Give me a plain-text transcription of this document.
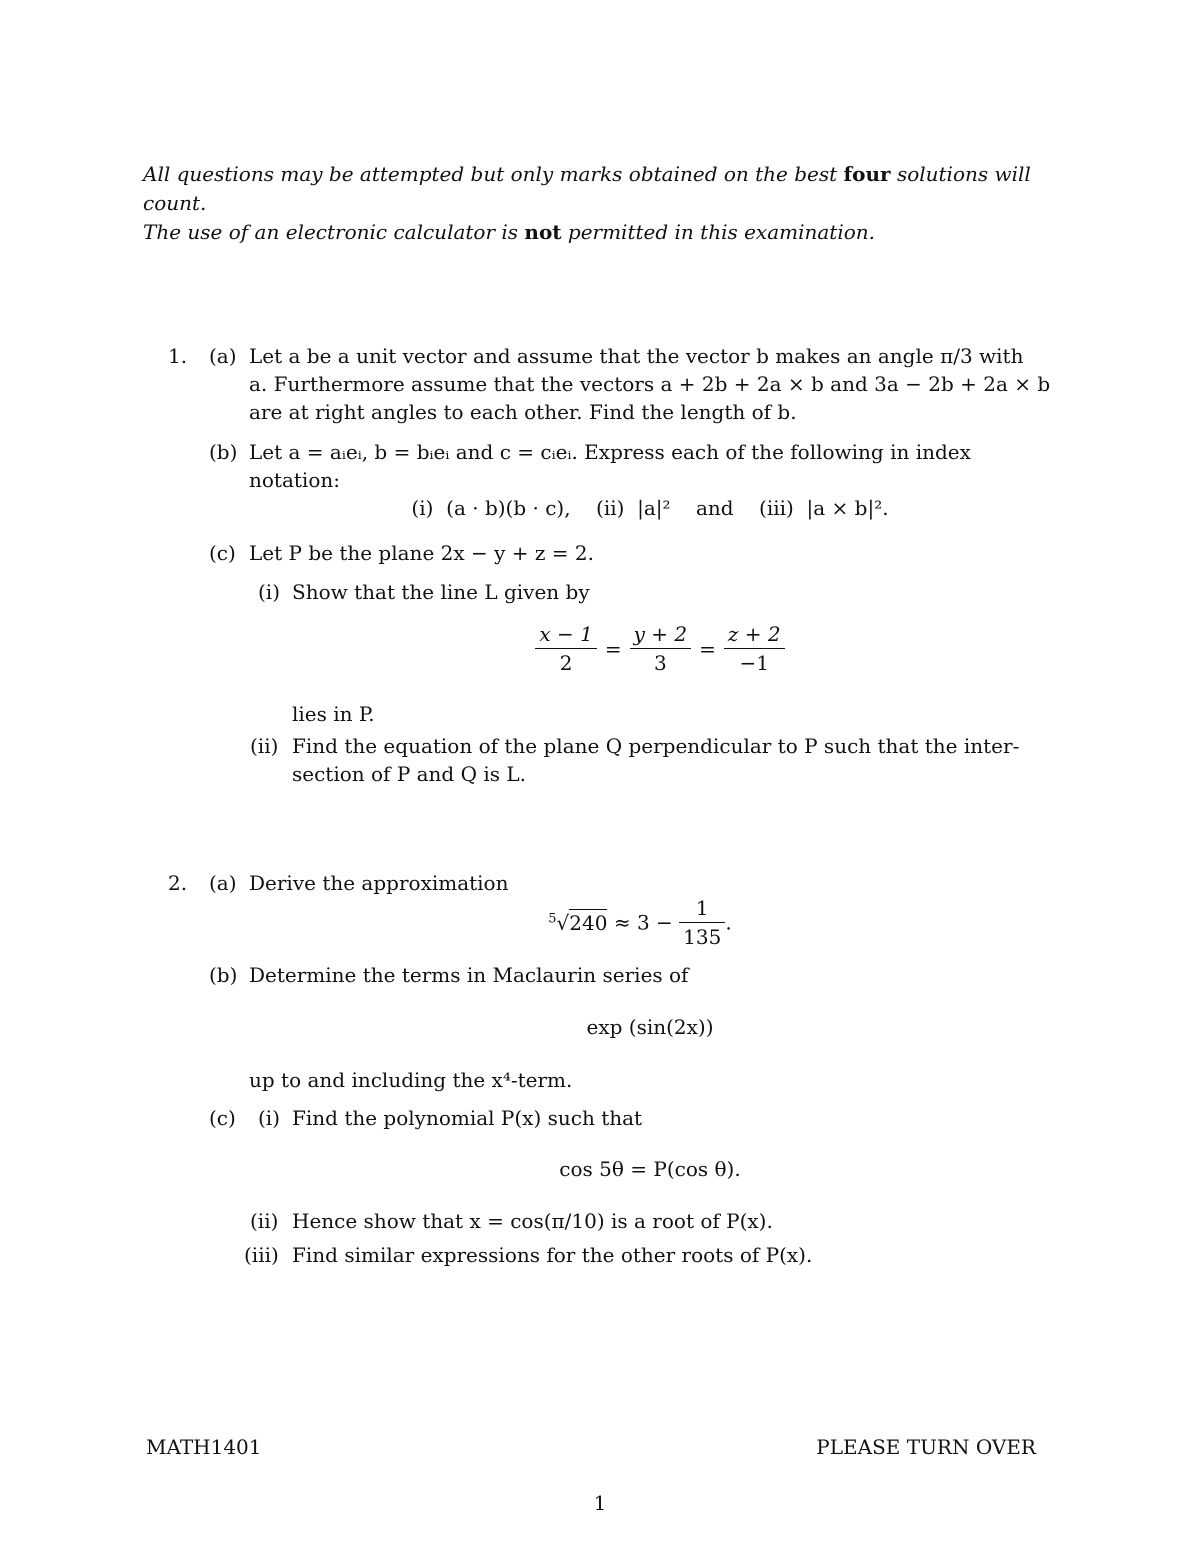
All questions may be attempted but only marks obtained on the best four solutions will
count.
The use of an electronic calculator is not permitted in this examination.
1. (a) Let a be a unit vector and assume that the vector b makes an angle π/3 with
a. Furthermore assume that the vectors a + 2b + 2a × b and 3a − 2b + 2a × b
are at right angles to each other. Find the length of b.
(b) Let a = aᵢeᵢ, b = bᵢeᵢ and c = cᵢeᵢ. Express each of the following in index
notation:
(i)  (a · b)(b · c),    (ii)  |a|²    and    (iii)  |a × b|².
(c) Let P be the plane 2x − y + z = 2.
(i) Show that the line L given by
$\frac{x - 1}{2} = \frac{y + 2}{3} = \frac{z + 2}{-1}$
lies in P.
(ii) Find the equation of the plane Q perpendicular to P such that the inter-
section of P and Q is L.
2. (a) Derive the approximation
$^5√240 \approx 3 - \frac{1}{135}$ .
(b) Determine the terms in Maclaurin series of
exp (sin(2x))
up to and including the x⁴-term.
(c) (i) Find the polynomial P(x) such that
cos 5θ = P(cos θ).
(ii) Hence show that x = cos(π/10) is a root of P(x).
(iii) Find similar expressions for the other roots of P(x).
MATH1401	PLEASE TURN OVER
1
